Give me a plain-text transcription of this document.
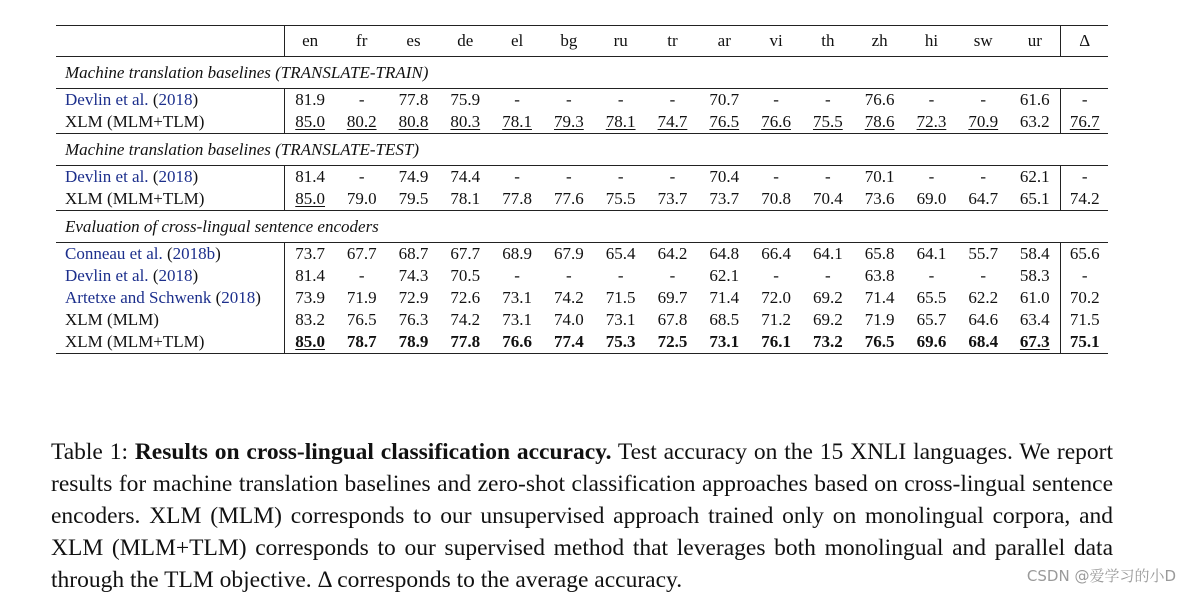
	en	fr	es	de	el	bg	ru	tr	ar	vi	th	zh	hi	sw	ur	Δ
Machine translation baselines (TRANSLATE-TRAIN)																
Devlin et al. (2018)	81.9	-	77.8	75.9	-	-	-	-	70.7	-	-	76.6	-	-	61.6	-
XLM (MLM+TLM)	85.0	80.2	80.8	80.3	78.1	79.3	78.1	74.7	76.5	76.6	75.5	78.6	72.3	70.9	63.2	76.7
Machine translation baselines (TRANSLATE-TEST)																
Devlin et al. (2018)	81.4	-	74.9	74.4	-	-	-	-	70.4	-	-	70.1	-	-	62.1	-
XLM (MLM+TLM)	85.0	79.0	79.5	78.1	77.8	77.6	75.5	73.7	73.7	70.8	70.4	73.6	69.0	64.7	65.1	74.2
Evaluation of cross-lingual sentence encoders																
Conneau et al. (2018b)	73.7	67.7	68.7	67.7	68.9	67.9	65.4	64.2	64.8	66.4	64.1	65.8	64.1	55.7	58.4	65.6
Devlin et al. (2018)	81.4	-	74.3	70.5	-	-	-	-	62.1	-	-	63.8	-	-	58.3	-
Artetxe and Schwenk (2018)	73.9	71.9	72.9	72.6	73.1	74.2	71.5	69.7	71.4	72.0	69.2	71.4	65.5	62.2	61.0	70.2
XLM (MLM)	83.2	76.5	76.3	74.2	73.1	74.0	73.1	67.8	68.5	71.2	69.2	71.9	65.7	64.6	63.4	71.5
XLM (MLM+TLM)	85.0	78.7	78.9	77.8	76.6	77.4	75.3	72.5	73.1	76.1	73.2	76.5	69.6	68.4	67.3	75.1

Table 1: Results on cross-lingual classification accuracy. Test accuracy on the 15 XNLI languages. We report results for machine translation baselines and zero-shot classification approaches based on cross-lingual sentence encoders. XLM (MLM) corresponds to our unsupervised approach trained only on monolingual corpora, and XLM (MLM+TLM) corresponds to our supervised method that leverages both monolingual and parallel data through the TLM objective. Δ corresponds to the average accuracy.	CSDN @爱学习的小D
